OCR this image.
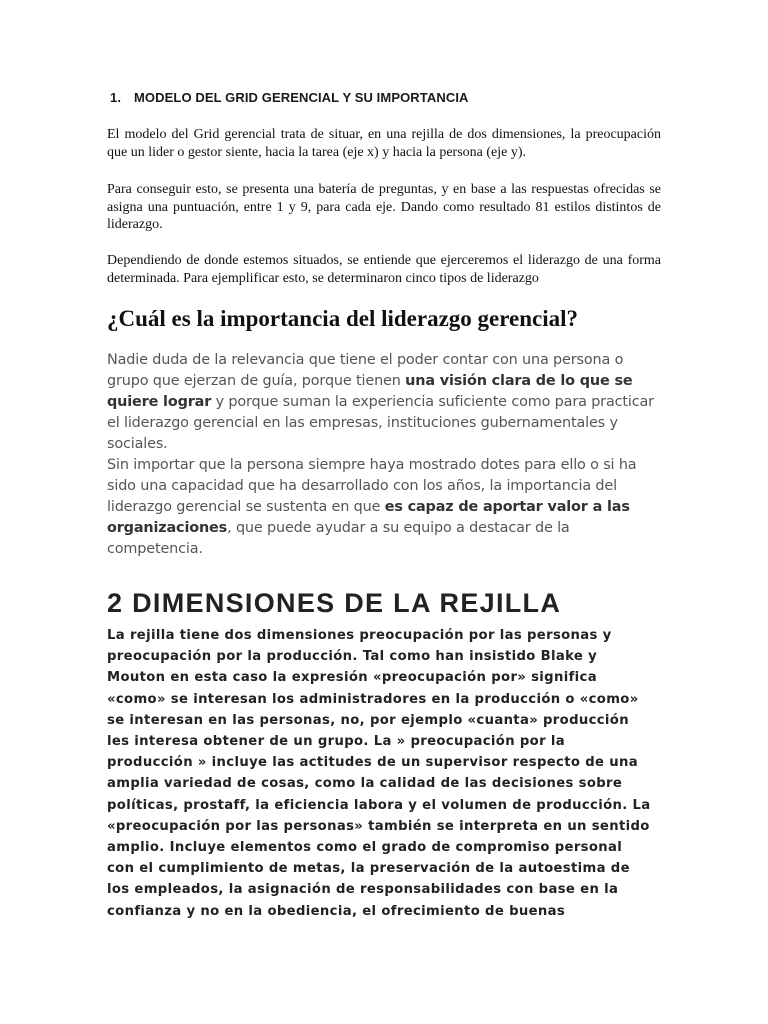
1. MODELO DEL GRID GERENCIAL Y SU IMPORTANCIA

El modelo del Grid gerencial trata de situar, en una rejilla de dos dimensiones, la preocupación que un lider o gestor siente, hacia la tarea (eje x) y hacia la persona (eje y).

Para conseguir esto, se presenta una batería de preguntas, y en base a las respuestas ofrecidas se asigna una puntuación, entre 1 y 9, para cada eje. Dando como resultado 81 estilos distintos de liderazgo.

Dependiendo de donde estemos situados, se entiende que ejerceremos el liderazgo de una forma determinada. Para ejemplificar esto, se determinaron cinco tipos de liderazgo

¿Cuál es la importancia del liderazgo gerencial?

Nadie duda de la relevancia que tiene el poder contar con una persona o grupo que ejerzan de guía, porque tienen una visión clara de lo que se quiere lograr y porque suman la experiencia suficiente como para practicar el liderazgo gerencial en las empresas, instituciones gubernamentales y sociales.

Sin importar que la persona siempre haya mostrado dotes para ello o si ha sido una capacidad que ha desarrollado con los años, la importancia del liderazgo gerencial se sustenta en que es capaz de aportar valor a las organizaciones, que puede ayudar a su equipo a destacar de la competencia.

2 DIMENSIONES DE LA REJILLA

La rejilla tiene dos dimensiones preocupación por las personas y
preocupación por la producción. Tal como han insistido Blake y
Mouton en esta caso la expresión «preocupación por» significa
«como» se interesan los administradores en la producción o «como»
se interesan en las personas, no, por ejemplo «cuanta» producción
les interesa obtener de un grupo. La » preocupación por la
producción » incluye las actitudes de un supervisor respecto de una
amplia variedad de cosas, como la calidad de las decisiones sobre
políticas, prostaff, la eficiencia labora y el volumen de producción. La
«preocupación por las personas» también se interpreta en un sentido
amplio. Incluye elementos como el grado de compromiso personal
con el cumplimiento de metas, la preservación de la autoestima de
los empleados, la asignación de responsabilidades con base en la
confianza y no en la obediencia, el ofrecimiento de buenas
